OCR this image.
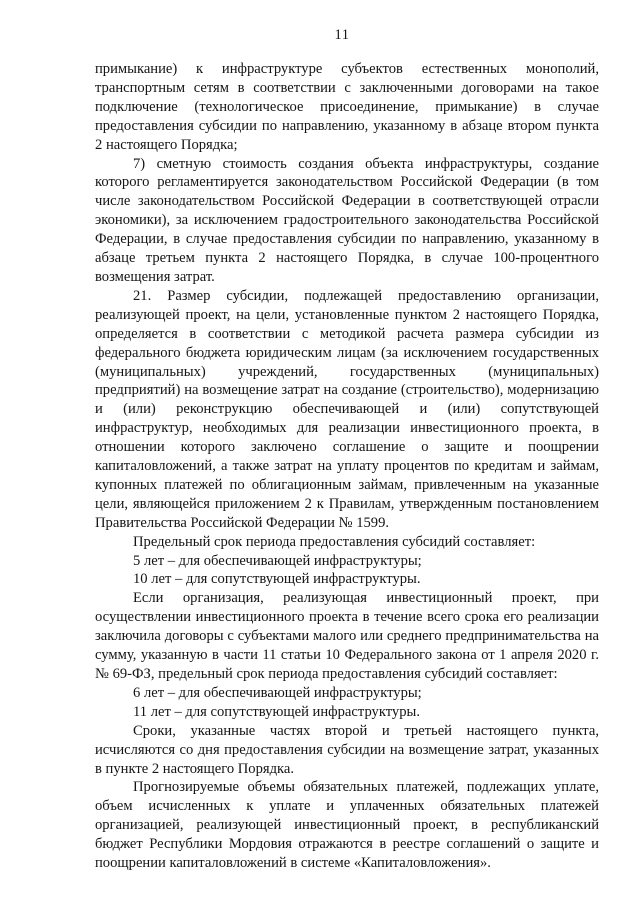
11

примыкание) к инфраструктуре субъектов естественных монополий, транспортным сетям в соответствии с заключенными договорами на такое подключение (технологическое присоединение, примыкание) в случае предоставления субсидии по направлению, указанному в абзаце втором пункта 2 настоящего Порядка;

7) сметную стоимость создания объекта инфраструктуры, создание которого регламентируется законодательством Российской Федерации (в том числе законодательством Российской Федерации в соответствующей отрасли экономики), за исключением градостроительного законодательства Российской Федерации, в случае предоставления субсидии по направлению, указанному в абзаце третьем пункта 2 настоящего Порядка, в случае 100-процентного возмещения затрат.

21. Размер субсидии, подлежащей предоставлению организации, реализующей проект, на цели, установленные пунктом 2 настоящего Порядка, определяется в соответствии с методикой расчета размера субсидии из федерального бюджета юридическим лицам (за исключением государственных (муниципальных) учреждений, государственных (муниципальных) предприятий) на возмещение затрат на создание (строительство), модернизацию и (или) реконструкцию обеспечивающей и (или) сопутствующей инфраструктур, необходимых для реализации инвестиционного проекта, в отношении которого заключено соглашение о защите и поощрении капиталовложений, а также затрат на уплату процентов по кредитам и займам, купонных платежей по облигационным займам, привлеченным на указанные цели, являющейся приложением 2 к Правилам, утвержденным постановлением Правительства Российской Федерации № 1599.

Предельный срок периода предоставления субсидий составляет:

5 лет – для обеспечивающей инфраструктуры;

10 лет – для сопутствующей инфраструктуры.

Если организация, реализующая инвестиционный проект, при осуществлении инвестиционного проекта в течение всего срока его реализации заключила договоры с субъектами малого или среднего предпринимательства на сумму, указанную в части 11 статьи 10 Федерального закона от 1 апреля 2020 г. № 69-ФЗ, предельный срок периода предоставления субсидий составляет:

6 лет – для обеспечивающей инфраструктуры;

11 лет – для сопутствующей инфраструктуры.

Сроки, указанные частях второй и третьей настоящего пункта, исчисляются со дня предоставления субсидии на возмещение затрат, указанных в пункте 2 настоящего Порядка.

Прогнозируемые объемы обязательных платежей, подлежащих уплате, объем исчисленных к уплате и уплаченных обязательных платежей организацией, реализующей инвестиционный проект, в республиканский бюджет Республики Мордовия отражаются в реестре соглашений о защите и поощрении капиталовложений в системе «Капиталовложения».
